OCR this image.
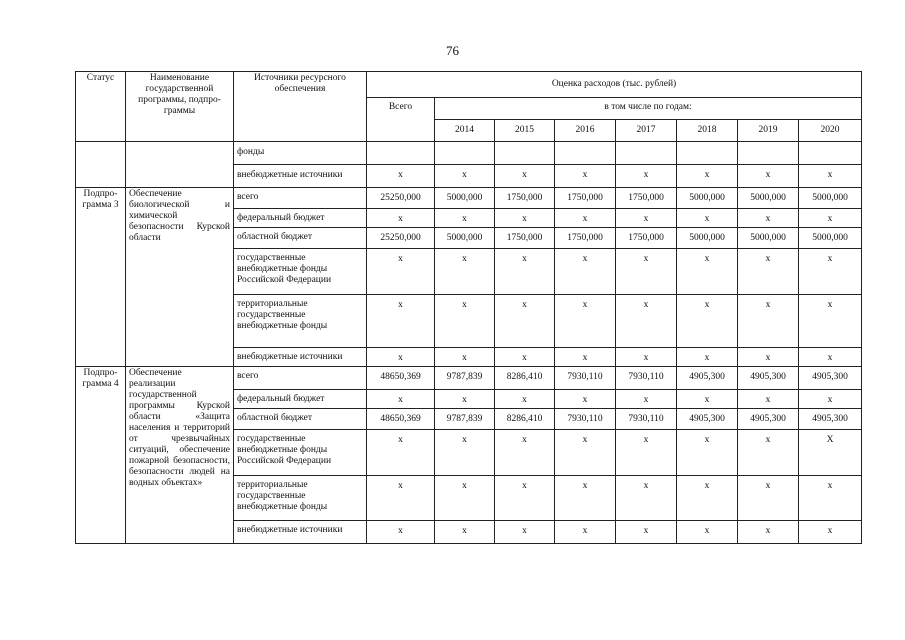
76
Статус	Наименование государственной программы, подпро-граммы	Источники ресурсного обеспечения	Оценка расходов (тыс. рублей)							
			Всего	в том числе по годам:						
				2014	2015	2016	2017	2018	2019	2020
		фонды								
		внебюджетные источники	x	x	x	x	x	x	x	x
Подпро-грамма 3	Обеспечение биологической и химической безопасности Курской области	всего	25250,000	5000,000	1750,000	1750,000	1750,000	5000,000	5000,000	5000,000
		федеральный бюджет	x	x	x	x	x	x	x	x
		областной бюджет	25250,000	5000,000	1750,000	1750,000	1750,000	5000,000	5000,000	5000,000
		государственные внебюджетные фонды Российской Федерации	x	x	x	x	x	x	x	x
		территориальные государственные внебюджетные фонды	x	x	x	x	x	x	x	x
		внебюджетные источники	x	x	x	x	x	x	x	x
Подпро-грамма 4	Обеспечение реализации государственной программы Курской области «Защита населения и территорий от чрезвычайных ситуаций, обеспечение пожарной безопасности, безопасности людей на водных объектах»	всего	48650,369	9787,839	8286,410	7930,110	7930,110	4905,300	4905,300	4905,300
		федеральный бюджет	x	x	x	x	x	x	x	x
		областной бюджет	48650,369	9787,839	8286,410	7930,110	7930,110	4905,300	4905,300	4905,300
		государственные внебюджетные фонды Российской Федерации	x	x	x	x	x	x	x	X
		территориальные государственные внебюджетные фонды	x	x	x	x	x	x	x	x
		внебюджетные источники	x	x	x	x	x	x	x	x
